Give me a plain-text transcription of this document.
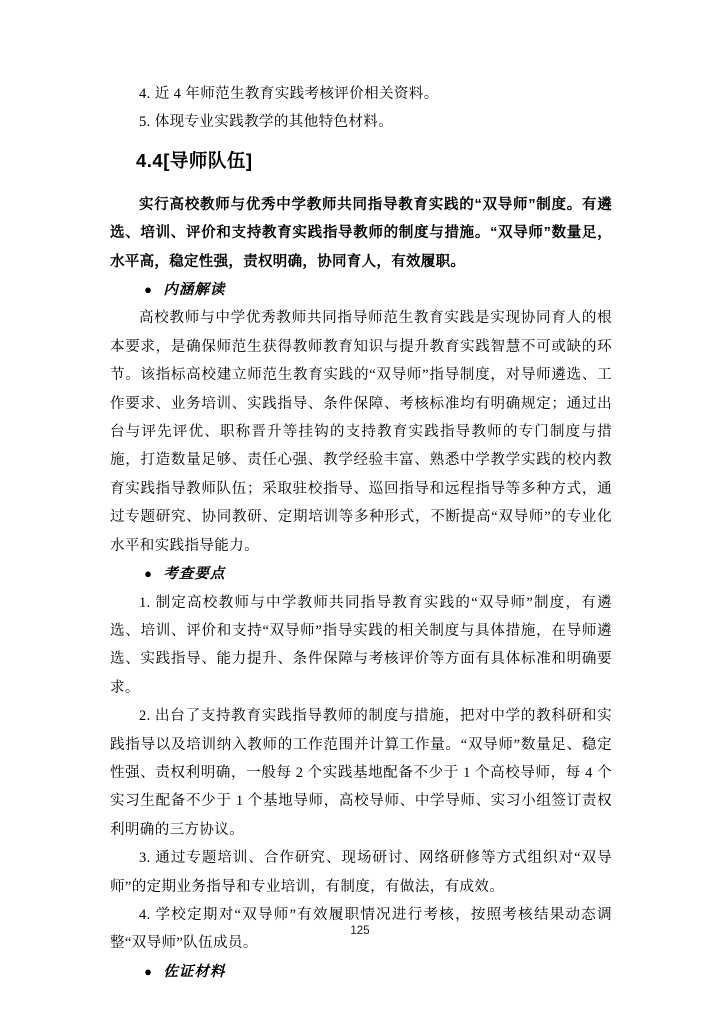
4. 近 4 年师范生教育实践考核评价相关资料。

5. 体现专业实践教学的其他特色材料。

4.4[导师队伍]

实行高校教师与优秀中学教师共同指导教育实践的“双导师”制度。有遴选、培训、评价和支持教育实践指导教师的制度与措施。“双导师”数量足，水平高，稳定性强，责权明确，协同育人，有效履职。

● 内涵解读

高校教师与中学优秀教师共同指导师范生教育实践是实现协同育人的根本要求，是确保师范生获得教师教育知识与提升教育实践智慧不可或缺的环节。该指标高校建立师范生教育实践的“双导师”指导制度，对导师遴选、工作要求、业务培训、实践指导、条件保障、考核标准均有明确规定；通过出台与评先评优、职称晋升等挂钩的支持教育实践指导教师的专门制度与措施，打造数量足够、责任心强、教学经验丰富、熟悉中学教学实践的校内教育实践指导教师队伍；采取驻校指导、巡回指导和远程指导等多种方式，通过专题研究、协同教研、定期培训等多种形式，不断提高“双导师”的专业化水平和实践指导能力。

● 考查要点

1. 制定高校教师与中学教师共同指导教育实践的“双导师”制度，有遴选、培训、评价和支持“双导师”指导实践的相关制度与具体措施，在导师遴选、实践指导、能力提升、条件保障与考核评价等方面有具体标准和明确要求。

2. 出台了支持教育实践指导教师的制度与措施，把对中学的教科研和实践指导以及培训纳入教师的工作范围并计算工作量。“双导师”数量足、稳定性强、责权利明确，一般每 2 个实践基地配备不少于 1 个高校导师，每 4 个实习生配备不少于 1 个基地导师，高校导师、中学导师、实习小组签订责权利明确的三方协议。

3. 通过专题培训、合作研究、现场研讨、网络研修等方式组织对“双导师”的定期业务指导和专业培训，有制度，有做法，有成效。

4. 学校定期对“双导师”有效履职情况进行考核，按照考核结果动态调整“双导师”队伍成员。

● 佐证材料
125
